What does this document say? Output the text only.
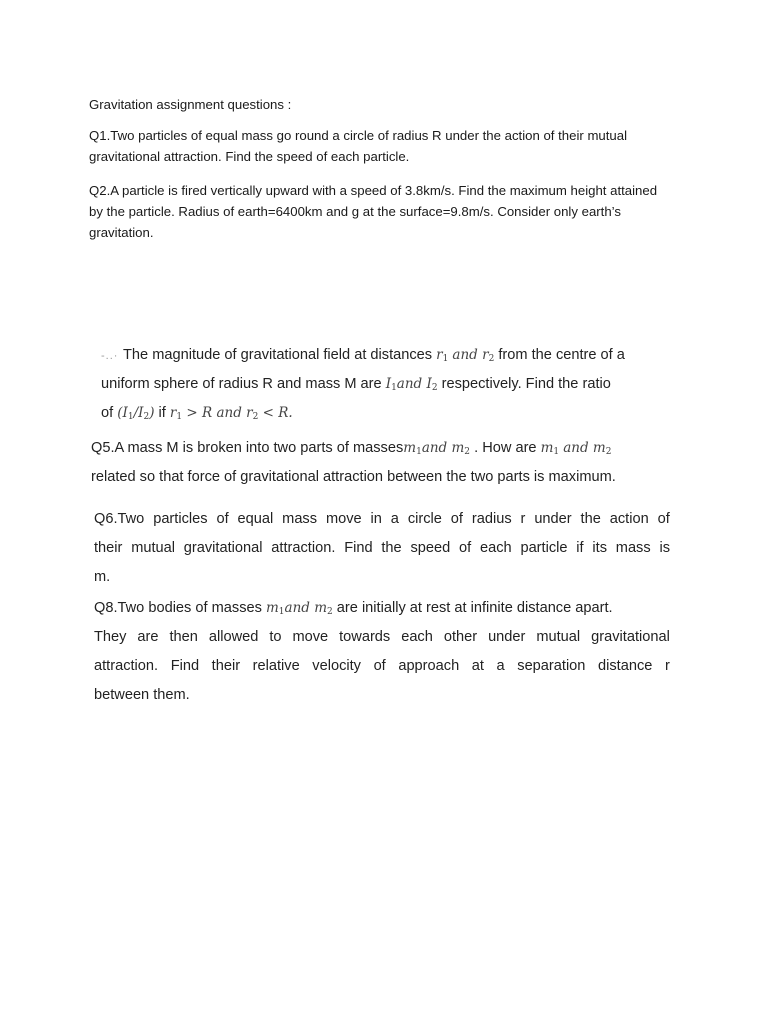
Gravitation assignment questions :
Q1.Two particles of equal mass go round a circle of radius R under the action of their mutual
gravitational attraction. Find the speed of each particle.
Q2.A particle is fired vertically upward with a speed of 3.8km/s. Find the maximum height attained
by the particle. Radius of earth=6400km and g at the surface=9.8m/s. Consider only earth’s
gravitation.
-..· The magnitude of gravitational field at distances $r_1$ and $r_2$ from the centre of a
uniform sphere of radius R and mass M are $I_1and$ $I_2$ respectively. Find the ratio
of $(I_1/I_2)$ if $r_1 > R$ and $r_2 < R$.
Q5.A mass M is broken into two parts of massesm$_1$and $m_2$ . How are $m_1$ and $m_2$
related so that force of gravitational attraction between the two parts is maximum.
Q6.Two particles of equal mass move in a circle of radius r under the action of
their mutual gravitational attraction. Find the speed of each particle if its mass is
m.
Q8.Two bodies of masses $m_1and$ $m_2$ are initially at rest at infinite distance apart.
They are then allowed to move towards each other under mutual gravitational
attraction. Find their relative velocity of approach at a separation distance r
between them.
